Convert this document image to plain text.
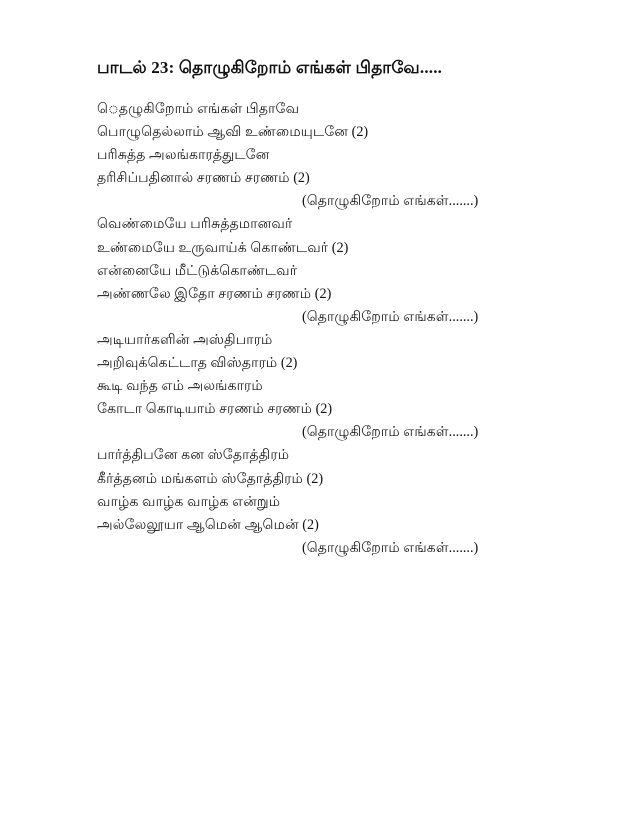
பாடல் 23: தொழுகிறோம் எங்கள் பிதாவே.....
ெதழுகிறோம் எங்கள் பிதாவே
பொழுதெல்லாம் ஆவி உண்மையுடனே (2)
பரிசுத்த அலங்காரத்துடனே
தரிசிப்பதினால் சரணம் சரணம் (2)
(தொழுகிறோம் எங்கள்.......)
வெண்மையே பரிசுத்தமானவர்
உண்மையே உருவாய்க் கொண்டவர் (2)
என்னையே மீட்டுக்கொண்டவர்
அண்ணலே இதோ சரணம் சரணம் (2)
(தொழுகிறோம் எங்கள்.......)
அடியார்களின் அஸ்திபாரம்
அறிவுக்கெட்டாத விஸ்தாரம் (2)
கூடி வந்த எம் அலங்காரம்
கோடா கொடியாம் சரணம் சரணம் (2)
(தொழுகிறோம் எங்கள்.......)
பார்த்திபனே கன ஸ்தோத்திரம்
கீர்த்தனம் மங்களம் ஸ்தோத்திரம் (2)
வாழ்க வாழ்க வாழ்க என்றும்
அல்லேலூயா ஆமென் ஆமென் (2)
(தொழுகிறோம் எங்கள்.......)
